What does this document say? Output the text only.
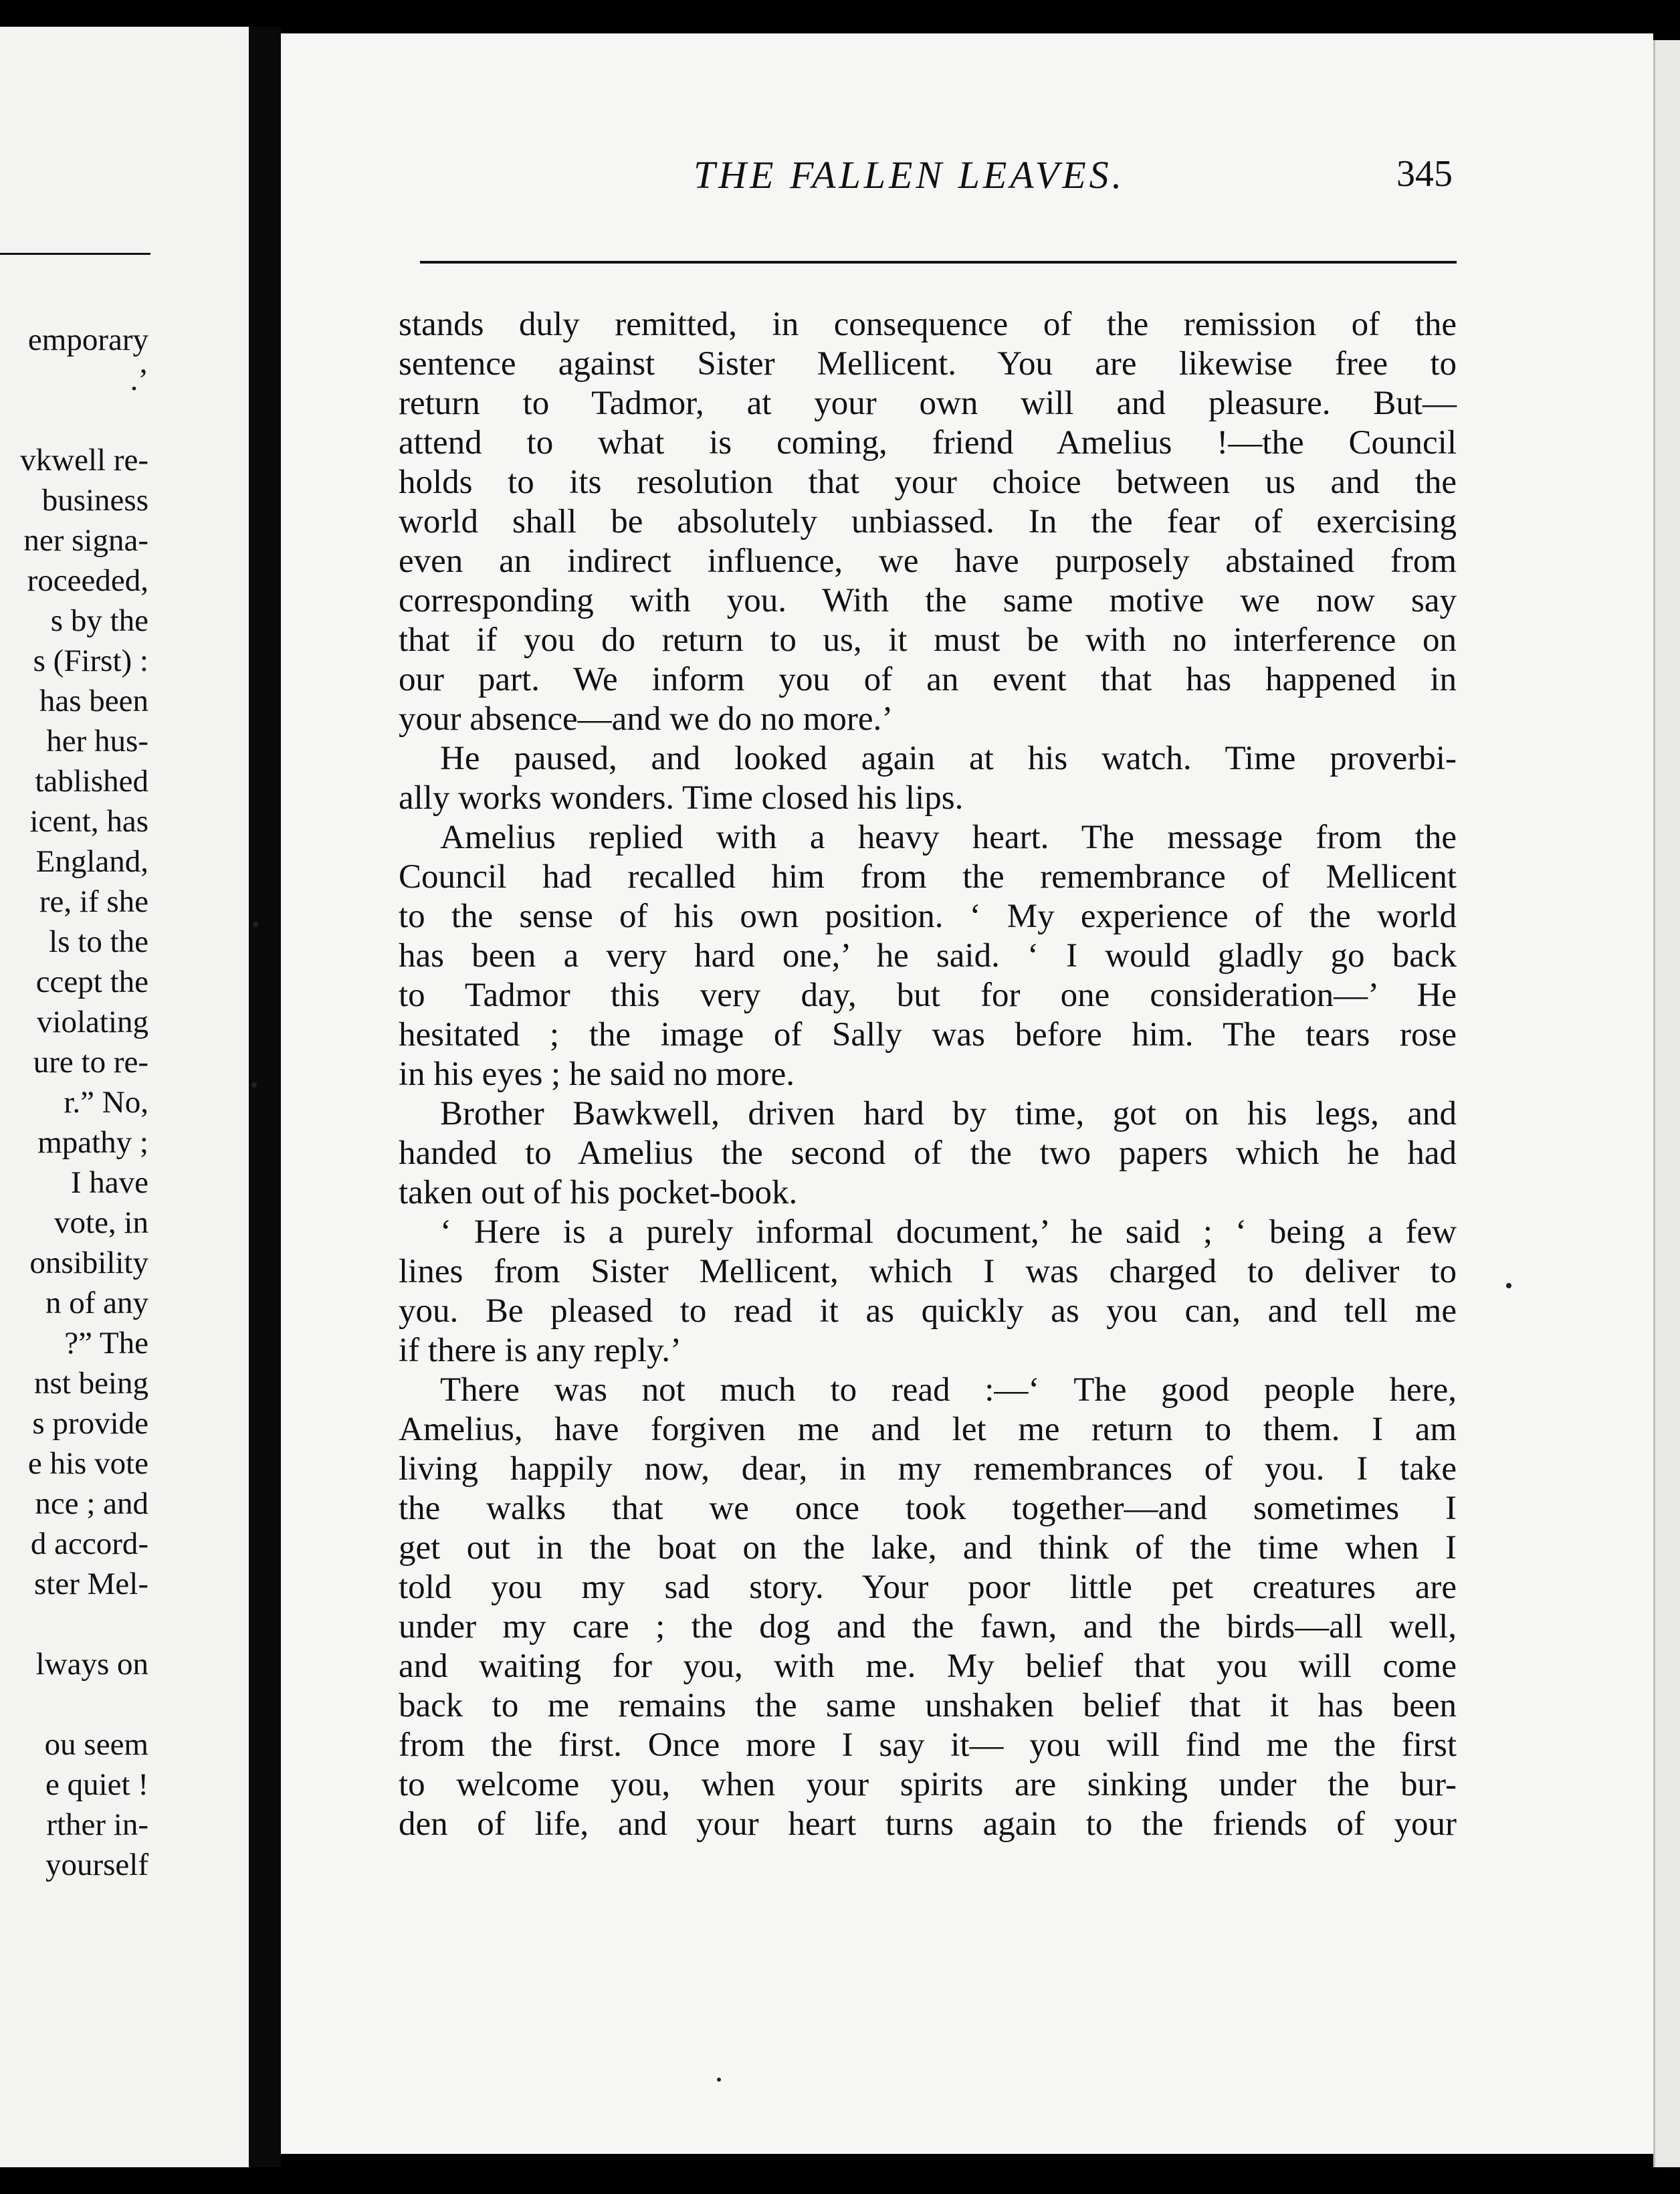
emporary
.’
vkwell re-
business
ner signa-
roceeded,
s by the
s (First) :
has been
her hus-
tablished
icent, has
England,
re, if she
ls to the
ccept the
violating
ure to re-
r.” No,
mpathy ;
I have
vote, in
onsibility
n of any
?” The
nst being
s provide
e his vote
nce ; and
d accord-
ster Mel-
lways on
ou seem
e quiet !
rther in-
yourself
THE FALLEN LEAVES.	345
stands duly remitted, in consequence of the remission of the
sentence against Sister Mellicent. You are likewise free to
return to Tadmor, at your own will and pleasure. But—
attend to what is coming, friend Amelius !—the Council
holds to its resolution that your choice between us and the
world shall be absolutely unbiassed. In the fear of exercising
even an indirect influence, we have purposely abstained from
corresponding with you. With the same motive we now say
that if you do return to us, it must be with no interference on
our part. We inform you of an event that has happened in
your absence—and we do no more.’
He paused, and looked again at his watch. Time proverbi-
ally works wonders. Time closed his lips.
Amelius replied with a heavy heart. The message from the
Council had recalled him from the remembrance of Mellicent
to the sense of his own position. ‘ My experience of the world
has been a very hard one,’ he said. ‘ I would gladly go back
to Tadmor this very day, but for one consideration—’ He
hesitated ; the image of Sally was before him. The tears rose
in his eyes ; he said no more.
Brother Bawkwell, driven hard by time, got on his legs, and
handed to Amelius the second of the two papers which he had
taken out of his pocket-book.
‘ Here is a purely informal document,’ he said ; ‘ being a few
lines from Sister Mellicent, which I was charged to deliver to
you. Be pleased to read it as quickly as you can, and tell me
if there is any reply.’
There was not much to read :—‘ The good people here,
Amelius, have forgiven me and let me return to them. I am
living happily now, dear, in my remembrances of you. I take
the walks that we once took together—and sometimes I
get out in the boat on the lake, and think of the time when I
told you my sad story. Your poor little pet creatures are
under my care ; the dog and the fawn, and the birds—all well,
and waiting for you, with me. My belief that you will come
back to me remains the same unshaken belief that it has been
from the first. Once more I say it— you will find me the first
to welcome you, when your spirits are sinking under the bur-
den of life, and your heart turns again to the friends of your
